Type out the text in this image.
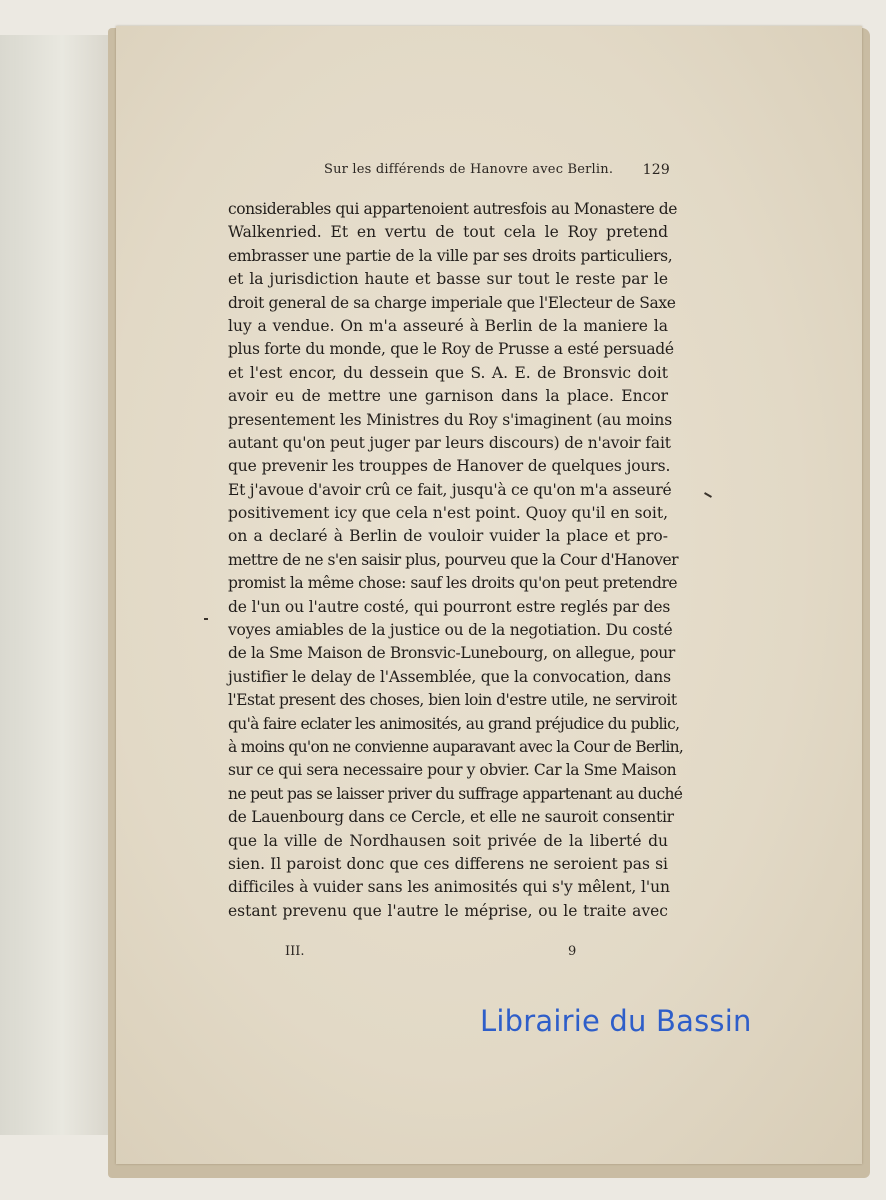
Sur les différends de Hanovre avec Berlin. 129
considerables qui appartenoient autresfois au Monastere de
Walkenried. Et en vertu de tout cela le Roy pretend
embrasser une partie de la ville par ses droits particuliers,
et la jurisdiction haute et basse sur tout le reste par le
droit general de sa charge imperiale que l'Electeur de Saxe
luy a vendue. On m'a asseuré à Berlin de la maniere la
plus forte du monde, que le Roy de Prusse a esté persuadé
et l'est encor, du dessein que S. A. E. de Bronsvic doit
avoir eu de mettre une garnison dans la place. Encor
presentement les Ministres du Roy s'imaginent (au moins
autant qu'on peut juger par leurs discours) de n'avoir fait
que prevenir les trouppes de Hanover de quelques jours.
Et j'avoue d'avoir crû ce fait, jusqu'à ce qu'on m'a asseuré
positivement icy que cela n'est point. Quoy qu'il en soit,
on a declaré à Berlin de vouloir vuider la place et pro-
mettre de ne s'en saisir plus, pourveu que la Cour d'Hanover
promist la même chose: sauf les droits qu'on peut pretendre
de l'un ou l'autre costé, qui pourront estre reglés par des
voyes amiables de la justice ou de la negotiation. Du costé
de la Sme Maison de Bronsvic-Lunebourg, on allegue, pour
justifier le delay de l'Assemblée, que la convocation, dans
l'Estat present des choses, bien loin d'estre utile, ne serviroit
qu'à faire eclater les animosités, au grand préjudice du public,
à moins qu'on ne convienne auparavant avec la Cour de Berlin,
sur ce qui sera necessaire pour y obvier. Car la Sme Maison
ne peut pas se laisser priver du suffrage appartenant au duché
de Lauenbourg dans ce Cercle, et elle ne sauroit consentir
que la ville de Nordhausen soit privée de la liberté du
sien. Il paroist donc que ces differens ne seroient pas si
difficiles à vuider sans les animosités qui s'y mêlent, l'un
estant prevenu que l'autre le méprise, ou le traite avec
III.	9
Librairie du Bassin
